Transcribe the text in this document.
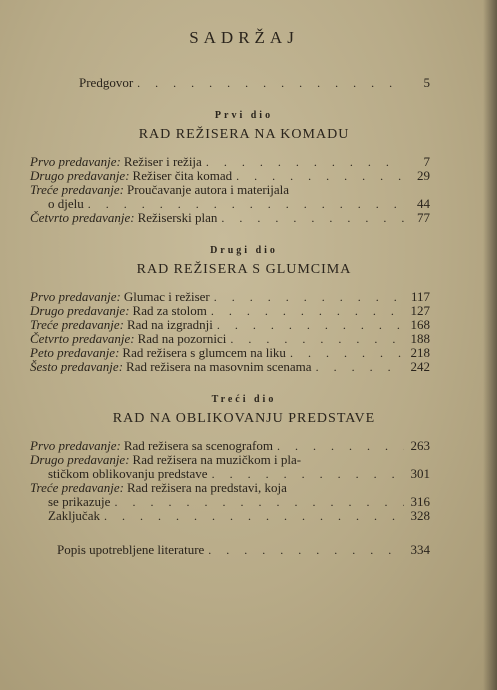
SADRŽAJ
Predgovor . . .	5
Prvi dio
RAD REŽISERA NA KOMADU
Prvo predavanje: Režiser i režija . . .	7
Drugo predavanje: Režiser čita komad . . .	29
Treće predavanje: Proučavanje autora i materijala
o djelu . . .	44
Četvrto predavanje: Režiserski plan . . .	77
Drugi dio
RAD REŽISERA S GLUMCIMA
Prvo predavanje: Glumac i režiser . . .	117
Drugo predavanje: Rad za stolom . . .	127
Treće predavanje: Rad na izgradnji . . .	168
Četvrto predavanje: Rad na pozornici . . .	188
Peto predavanje: Rad režisera s glumcem na liku . . .	218
Šesto predavanje: Rad režisera na masovnim scenama . . .	242
Treći dio
RAD NA OBLIKOVANJU PREDSTAVE
Prvo predavanje: Rad režisera sa scenografom . . .	263
Drugo predavanje: Rad režisera na muzičkom i pla-
stičkom oblikovanju predstave . . .	301
Treće predavanje: Rad režisera na predstavi, koja
se prikazuje . . .	316
Zaključak . . .	328
Popis upotrebljene literature . . .	334
